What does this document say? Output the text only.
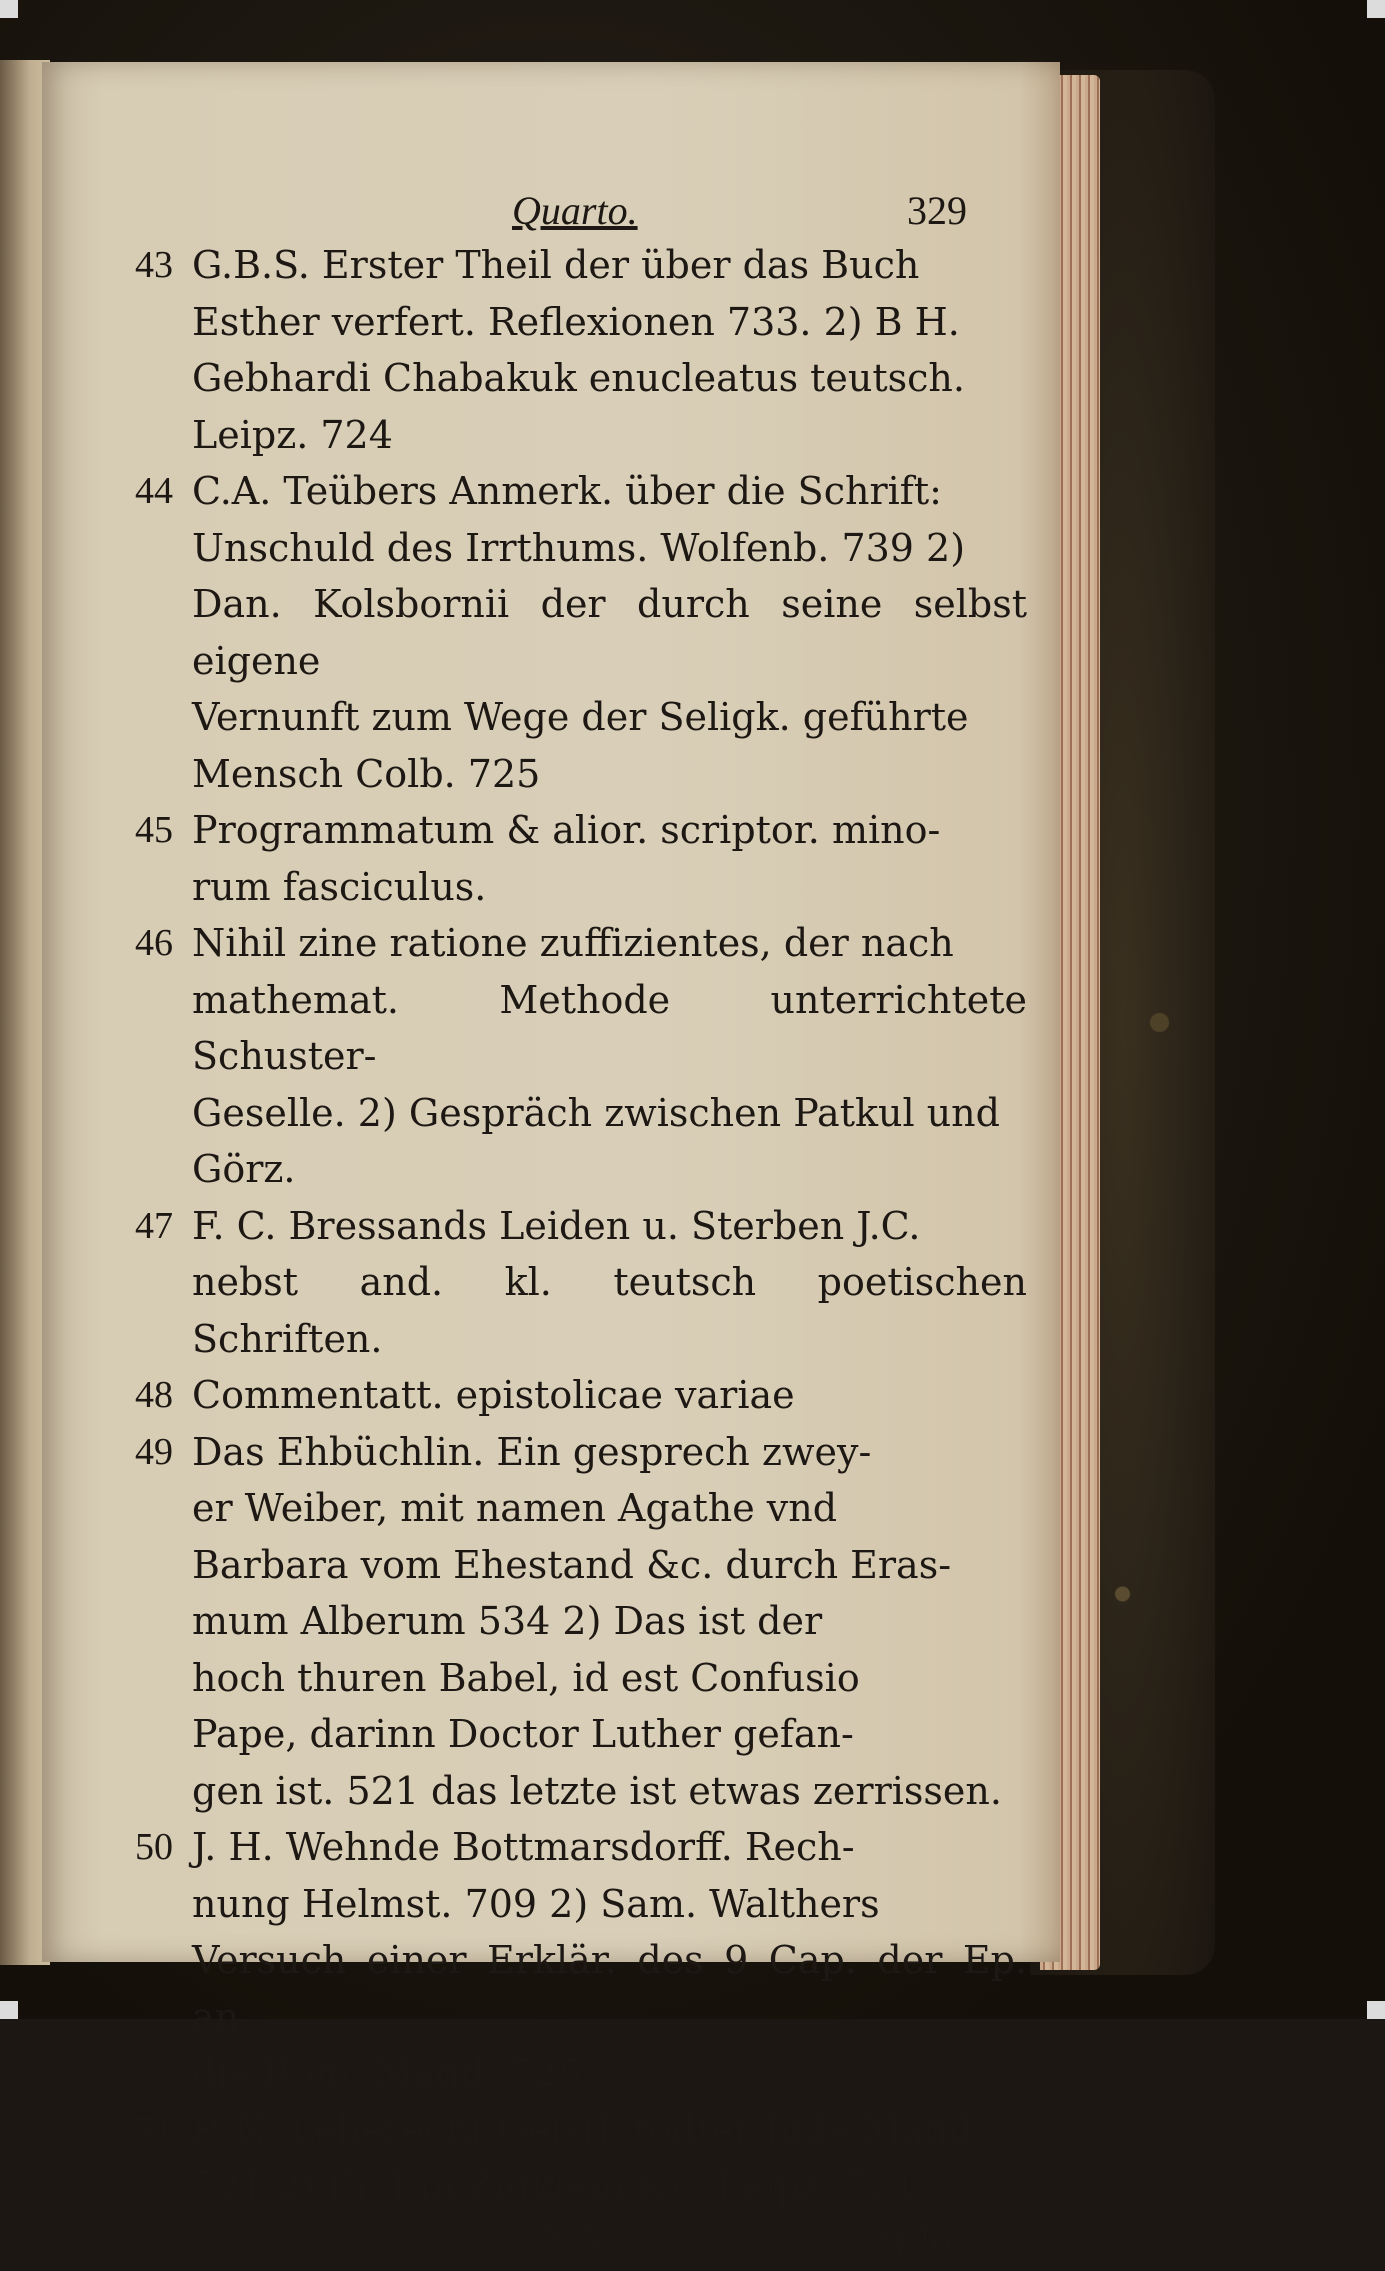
Quarto.	329
43 G.B.S. Erster Theil der über das Buch
Esther verfert. Reflexionen 733. 2) B H.
Gebhardi Chabakuk enucleatus teutsch.
Leipz. 724
44 C.A. Teübers Anmerk. über die Schrift:
Unschuld des Irrthums. Wolfenb. 739 2)
Dan. Kolsbornii der durch seine selbst eigene
Vernunft zum Wege der Seligk. geführte
Mensch Colb. 725
45 Programmatum & alior. scriptor. mino-
rum fasciculus.
46 Nihil zine ratione zuffizientes, der nach
mathemat. Methode unterrichtete Schuster-
Geselle. 2) Gespräch zwischen Patkul und
Görz.
47 F. C. Bressands Leiden u. Sterben J.C.
nebst and. kl. teutsch poetischen Schriften.
48 Commentatt. epistolicae variae
49 Das Ehbüchlin. Ein gesprech zwey-
er Weiber, mit namen Agathe vnd
Barbara vom Ehestand &c. durch Eras-
mum Alberum 534 2) Das ist der
hoch thuren Babel, id est Confusio
Pape, darinn Doctor Luther gefan-
gen ist. 521 das letzte ist etwas zerrissen.
50 J. H. Wehnde Bottmarsdorff. Rech-
nung Helmst. 709 2) Sam. Walthers
Versuch einer Erklär. des 9 Cap. der Ep. an
die Röm. Magd. 725
51 P. N. Leberecht Geistl. todter Jüde Magd.
721 2) Ej. Ein Zigklein &c. Leipz. 731
X 5	3) Jo
